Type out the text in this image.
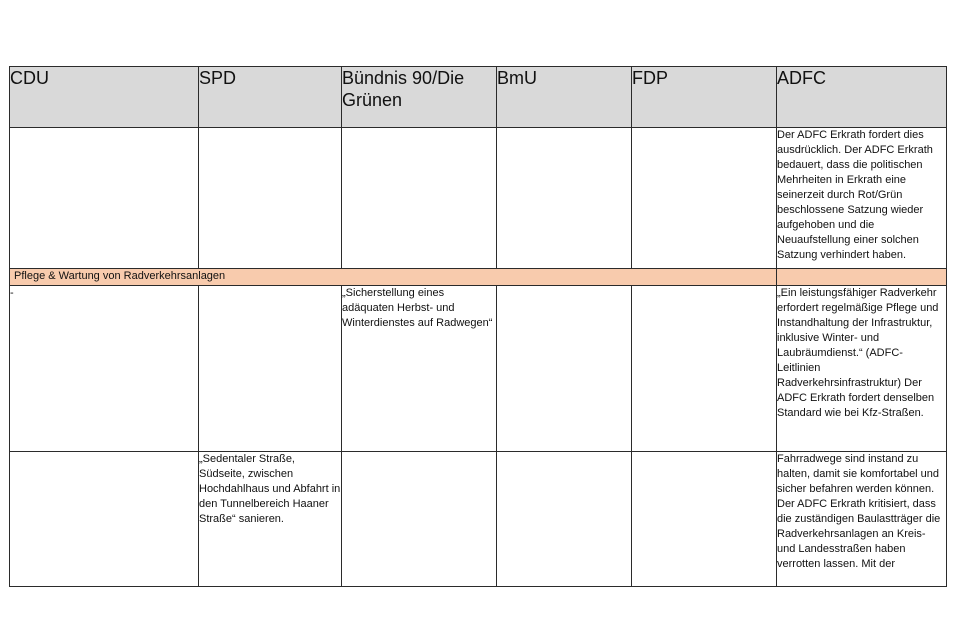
CDU	SPD	Bündnis 90/Die Grünen	BmU	FDP	ADFC
					Der ADFC Erkrath fordert dies ausdrücklich. Der ADFC Erkrath bedauert, dass die politischen Mehrheiten in Erkrath eine seinerzeit durch Rot/Grün beschlossene Satzung wieder aufgehoben und die Neuaufstellung einer solchen Satzung verhindert haben.
Pflege & Wartung von Radverkehrsanlagen					
-		„Sicherstellung eines adäquaten Herbst- und Winterdienstes auf Radwegen“			„Ein leistungsfähiger Radverkehr erfordert regelmäßige Pflege und Instandhaltung der Infrastruktur, inklusive Winter- und Laubräumdienst.“ (ADFC-Leitlinien Radverkehrsinfrastruktur) Der ADFC Erkrath fordert denselben Standard wie bei Kfz-Straßen.
	„Sedentaler Straße, Südseite, zwischen Hochdahlhaus und Abfahrt in den Tunnelbereich Haaner Straße“ sanieren.				Fahrradwege sind instand zu halten, damit sie komfortabel und sicher befahren werden können. Der ADFC Erkrath kritisiert, dass die zuständigen Baulastträger die Radverkehrsanlagen an Kreis- und Landesstraßen haben verrotten lassen. Mit der
